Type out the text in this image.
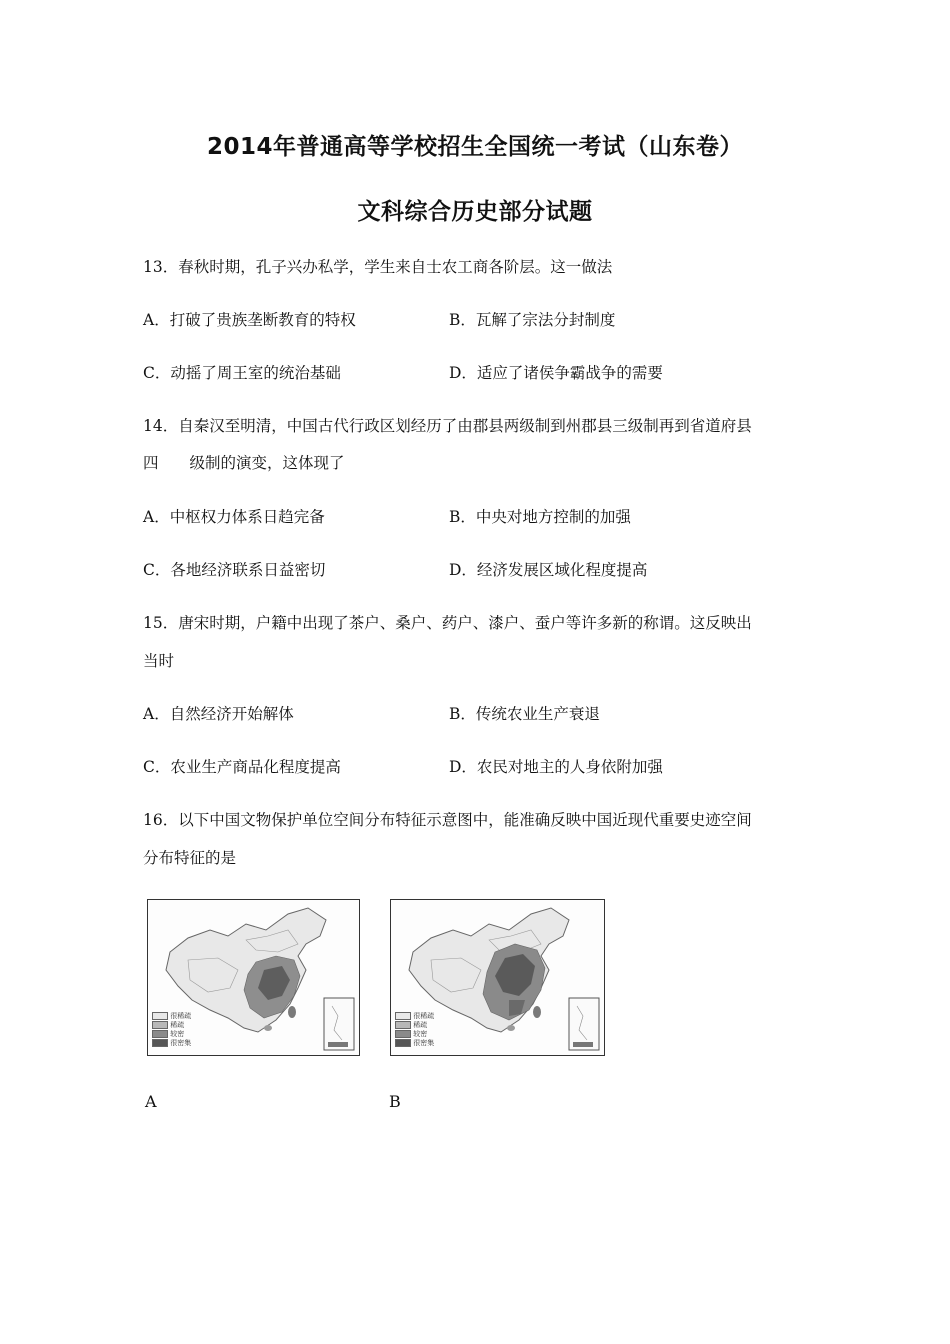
2014年普通高等学校招生全国统一考试（山东卷）
文科综合历史部分试题
13．春秋时期，孔子兴办私学，学生来自士农工商各阶层。这一做法
A．打破了贵族垄断教育的特权	B．瓦解了宗法分封制度
C．动摇了周王室的统治基础	D．适应了诸侯争霸战争的需要
14．自秦汉至明清，中国古代行政区划经历了由郡县两级制到州郡县三级制再到省道府县
四　　级制的演变，这体现了
A．中枢权力体系日趋完备	B．中央对地方控制的加强
C．各地经济联系日益密切	D．经济发展区域化程度提高
15．唐宋时期，户籍中出现了茶户、桑户、药户、漆户、蚕户等许多新的称谓。这反映出
当时
A．自然经济开始解体	B．传统农业生产衰退
C．农业生产商品化程度提高	D．农民对地主的人身依附加强
16．以下中国文物保护单位空间分布特征示意图中，能准确反映中国近现代重要史迹空间
分布特征的是
很稀疏
稀疏
较密
很密集
很稀疏
稀疏
较密
很密集
A	B
